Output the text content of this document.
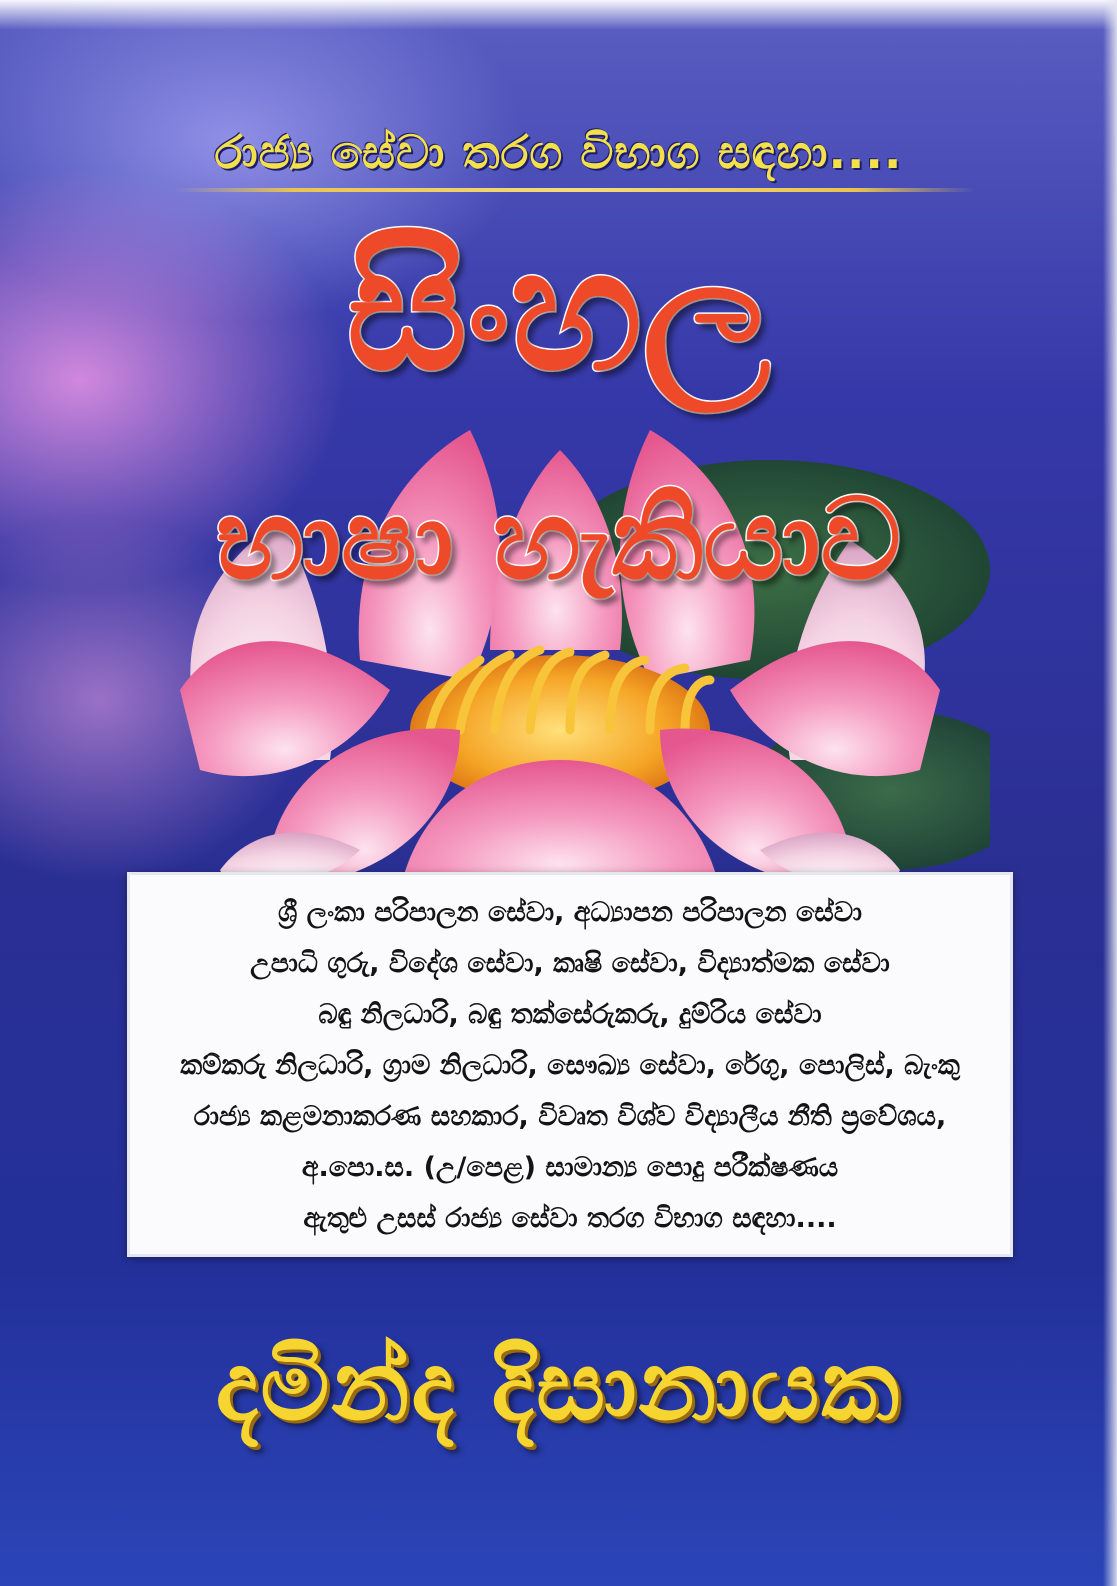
රාජ්‍ය සේවා තරග විභාග සඳහා....
සිංහල
භාෂා හැකියාව
ශ්‍රී ලංකා පරිපාලන සේවා, අධ්‍යාපන පරිපාලන සේවා
උපාධි ගුරු, විදේශ සේවා, කෘෂි සේවා, විද්‍යාත්මක සේවා
බඳු නිලධාරි, බඳු තක්සේරුකරු, දුම්රිය සේවා
කම්කරු නිලධාරි, ග්‍රාම නිලධාරි, සෞඛ්‍ය සේවා, රේගු, පොලිස්, බැංකු
රාජ්‍ය කළමනාකරණ සහකාර, විවෘත විශ්ව විද්‍යාලීය නීති ප්‍රවේශය,
අ.පො.ස. (උ/පෙළ) සාමාන්‍ය පොදු පරීක්ෂණය
ඇතුළු උසස් රාජ්‍ය සේවා තරග විභාග සඳහා....
දමින්ද දිසානායක
